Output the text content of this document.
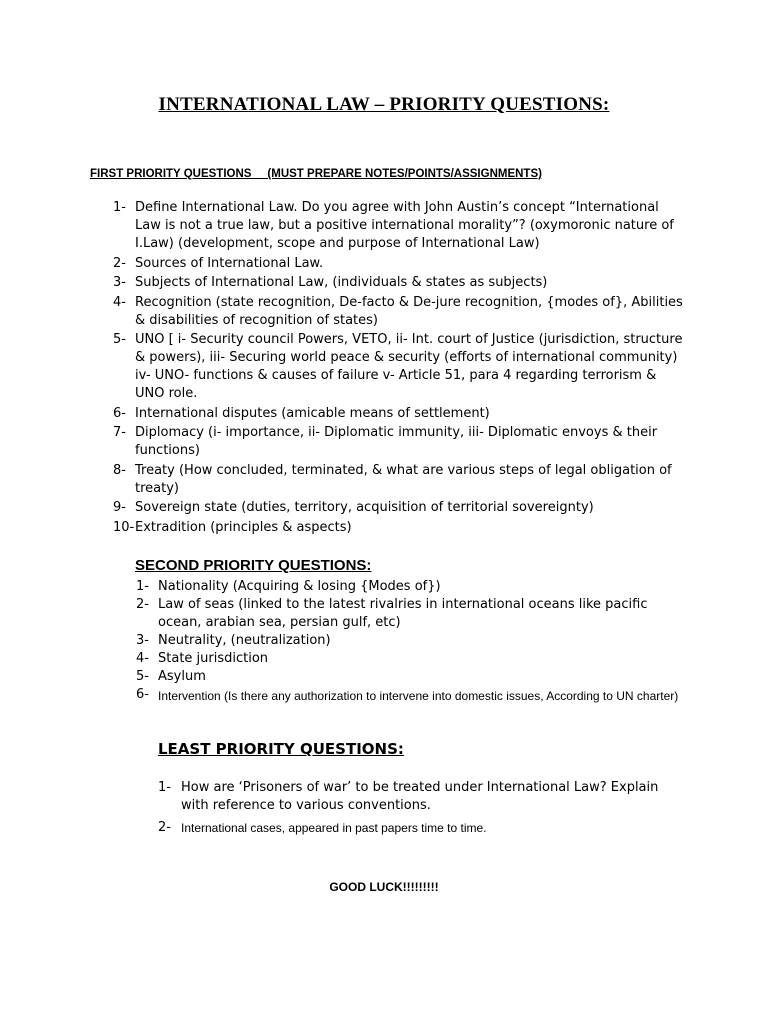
INTERNATIONAL LAW – PRIORITY QUESTIONS:
FIRST PRIORITY QUESTIONS     (MUST PREPARE NOTES/POINTS/ASSIGNMENTS)
1- Define International Law. Do you agree with John Austin’s concept “International Law is not a true law, but a positive international morality”? (oxymoronic nature of I.Law) (development, scope and purpose of International Law)
2- Sources of International Law.
3- Subjects of International Law, (individuals & states as subjects)
4- Recognition (state recognition, De-facto & De-jure recognition, {modes of}, Abilities & disabilities of recognition of states)
5- UNO [ i- Security council Powers, VETO, ii- Int. court of Justice (jurisdiction, structure & powers), iii- Securing world peace & security (efforts of international community) iv- UNO- functions & causes of failure v- Article 51, para 4 regarding terrorism & UNO role.
6- International disputes (amicable means of settlement)
7- Diplomacy (i- importance, ii- Diplomatic immunity, iii- Diplomatic envoys & their functions)
8- Treaty (How concluded, terminated, & what are various steps of legal obligation of treaty)
9- Sovereign state (duties, territory, acquisition of territorial sovereignty)
10- Extradition (principles & aspects)
SECOND PRIORITY QUESTIONS:
1- Nationality (Acquiring & losing {Modes of})
2- Law of seas (linked to the latest rivalries in international oceans like pacific ocean, arabian sea, persian gulf, etc)
3- Neutrality, (neutralization)
4- State jurisdiction
5- Asylum
6- Intervention (Is there any authorization to intervene into domestic issues, According to UN charter)
LEAST PRIORITY QUESTIONS:
1- How are ‘Prisoners of war’ to be treated under International Law? Explain with reference to various conventions.
2- International cases, appeared in past papers time to time.
GOOD LUCK!!!!!!!!!
